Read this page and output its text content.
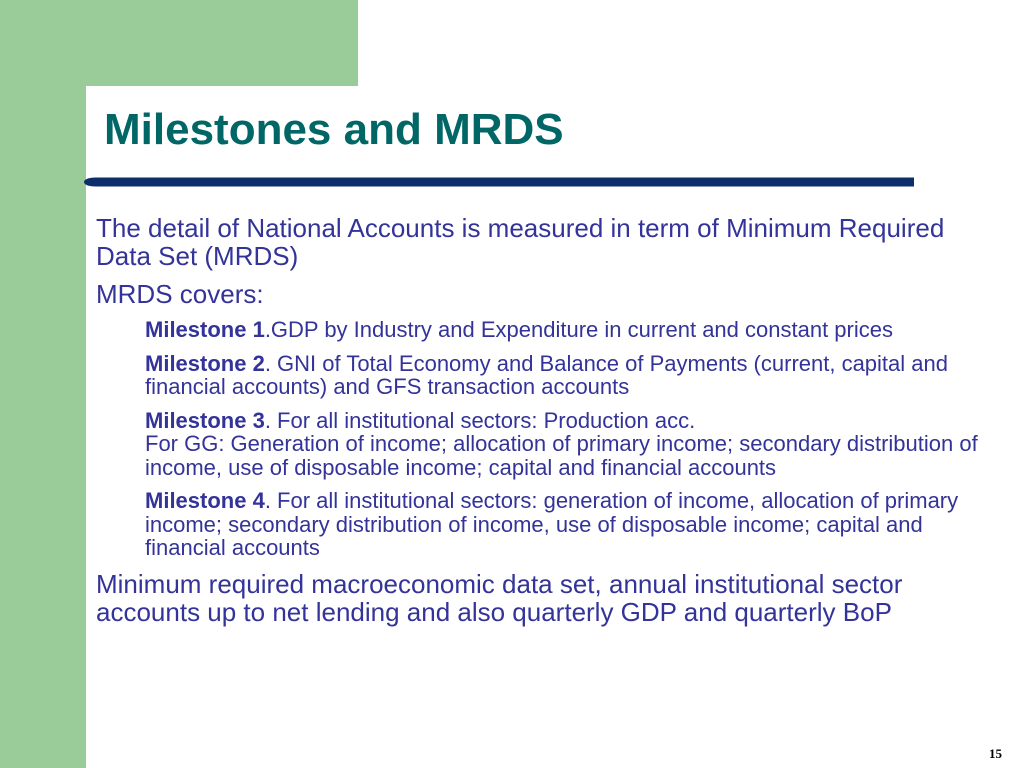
Milestones and MRDS

The detail of National Accounts is measured in term of Minimum Required Data Set (MRDS)

MRDS covers:

Milestone 1.GDP by Industry and Expenditure in current and constant prices

Milestone 2. GNI of Total Economy and Balance of Payments (current, capital and financial accounts) and GFS transaction accounts

Milestone 3. For all institutional sectors: Production acc.
For GG: Generation of income; allocation of primary income; secondary distribution of income, use of disposable income; capital and financial accounts

Milestone 4. For all institutional sectors: generation of income, allocation of primary income; secondary distribution of income, use of disposable income; capital and financial accounts

Minimum required macroeconomic data set, annual institutional sector accounts up to net lending and also quarterly GDP and quarterly BoP

15
